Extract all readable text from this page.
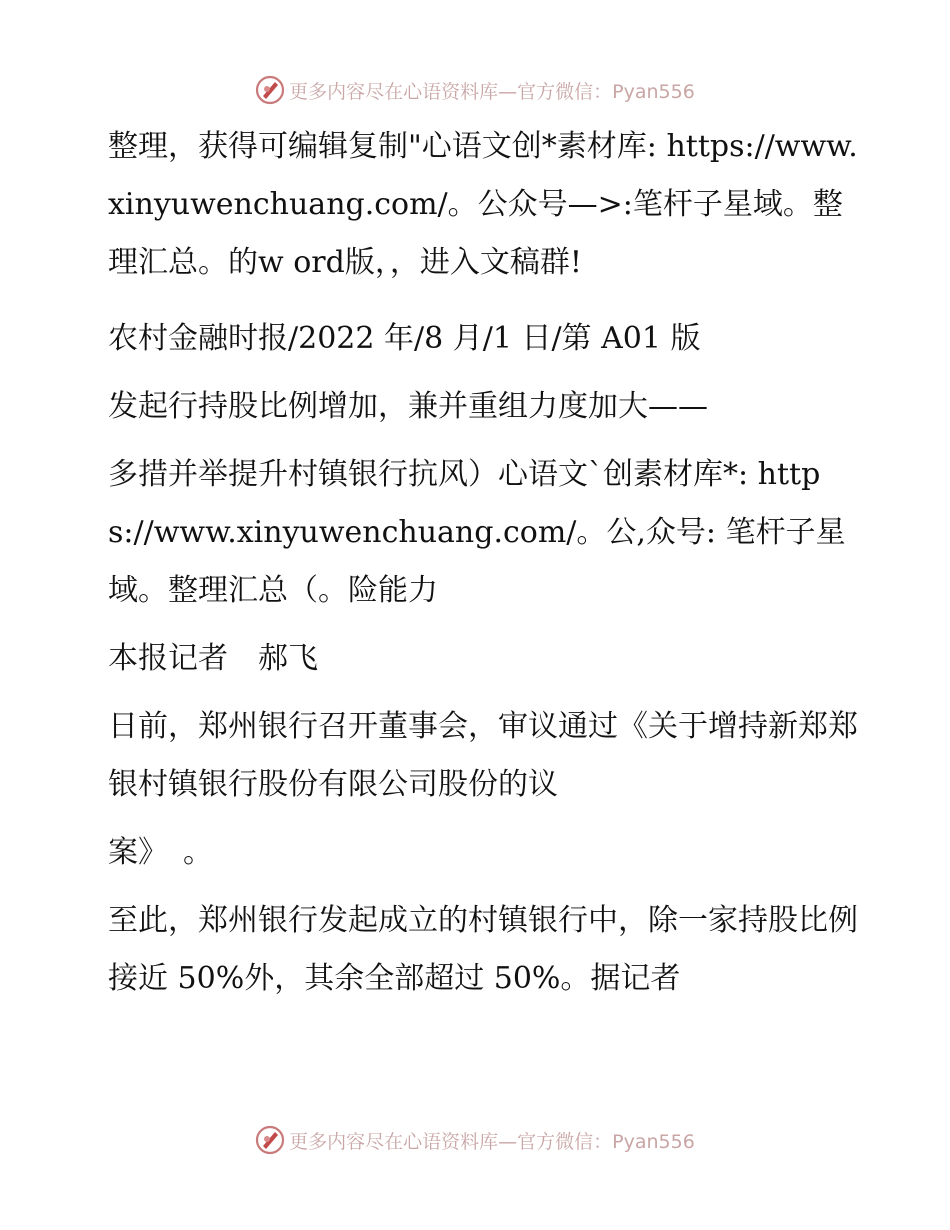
更多内容尽在心语资料库—官方微信：Pyan556

整理，获得可编辑复制"心语文创*素材库: https://www.xinyuwenchuang.com/。公众号—>:笔杆子星域。整理汇总。的w ord版，，进入文稿群!

农村金融时报/2022 年/8 月/1 日/第 A01 版

发起行持股比例增加，兼并重组力度加大——

多措并举提升村镇银行抗风）心语文`创素材库*: https://www.xinyuwenchuang.com/。公,众号: 笔杆子星域。整理汇总（。险能力

本报记者　郝飞

日前，郑州银行召开董事会，审议通过《关于增持新郑郑银村镇银行股份有限公司股份的议

案》　。

至此，郑州银行发起成立的村镇银行中，除一家持股比例接近 50%外，其余全部超过 50%。据记者

更多内容尽在心语资料库—官方微信：Pyan556
